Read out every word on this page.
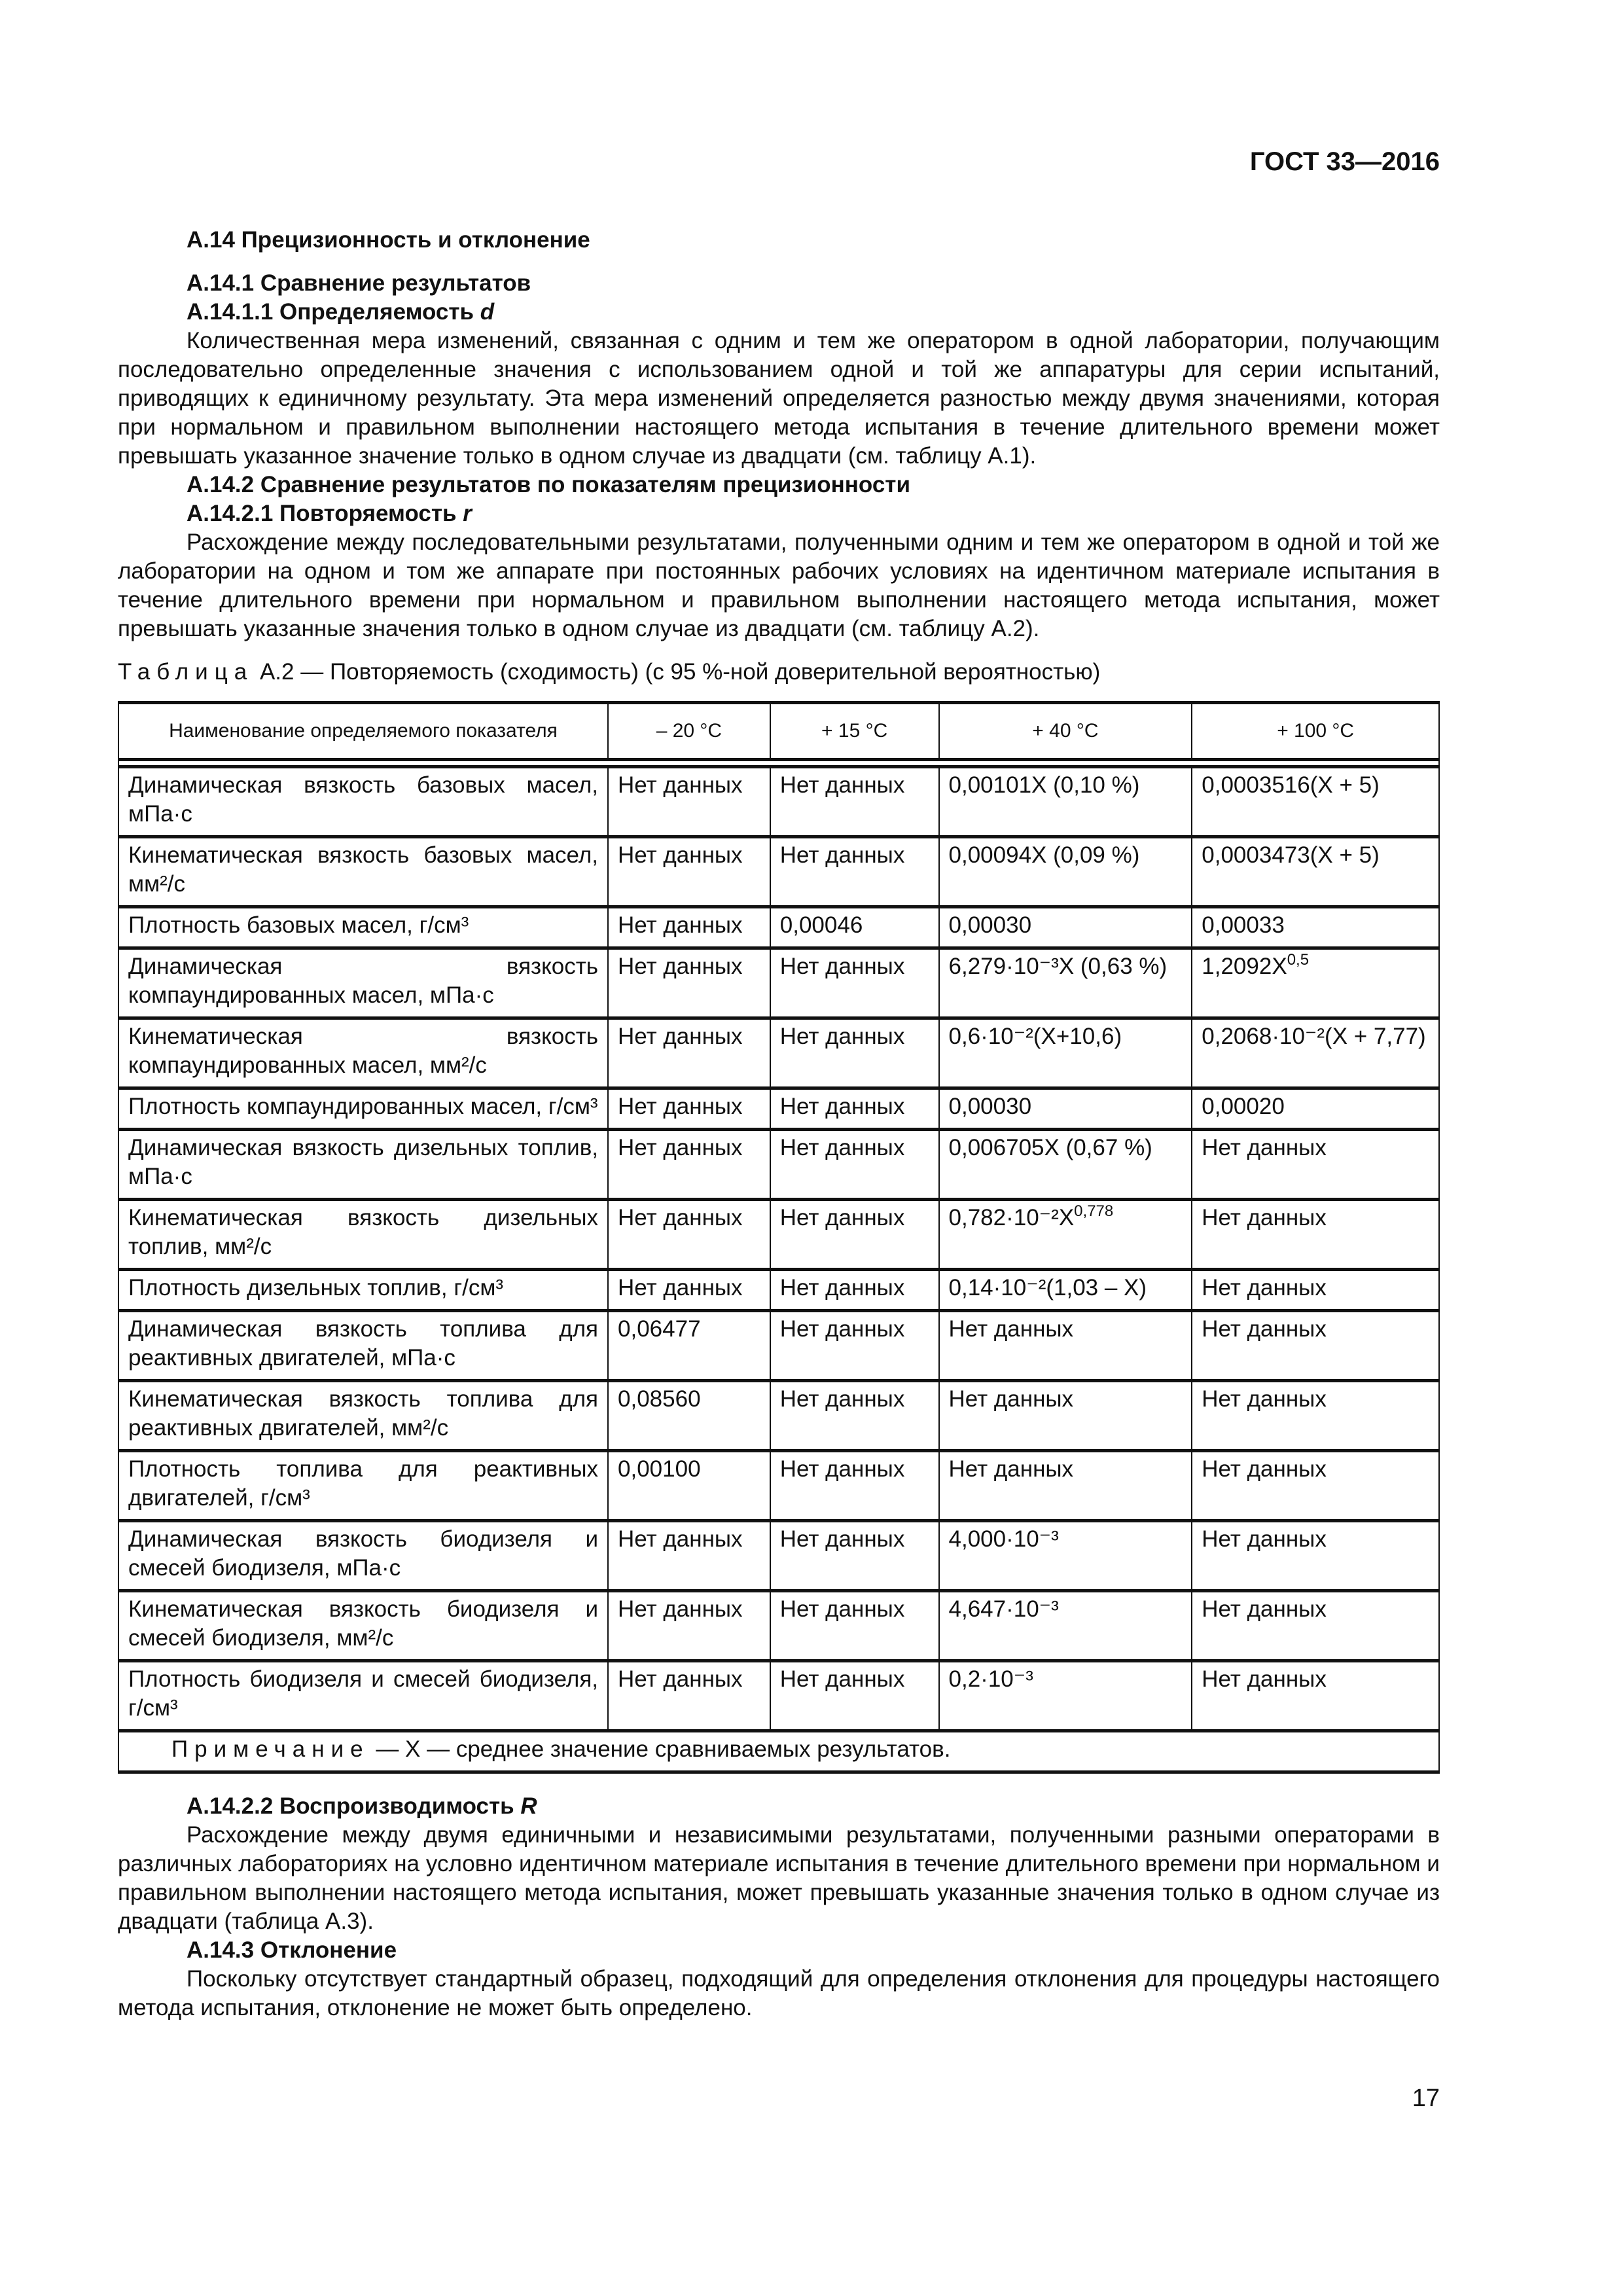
ГОСТ 33—2016
А.14 Прецизионность и отклонение
А.14.1 Сравнение результатов
А.14.1.1 Определяемость d
Количественная мера изменений, связанная с одним и тем же оператором в одной лаборатории, получающим последовательно определенные значения с использованием одной и той же аппаратуры для серии испытаний, приводящих к единичному результату. Эта мера изменений определяется разностью между двумя значениями, которая при нормальном и правильном выполнении настоящего метода испытания в течение длительного времени может превышать указанное значение только в одном случае из двадцати (см. таблицу А.1).
А.14.2 Сравнение результатов по показателям прецизионности
А.14.2.1 Повторяемость r
Расхождение между последовательными результатами, полученными одним и тем же оператором в одной и той же лаборатории на одном и том же аппарате при постоянных рабочих условиях на идентичном материале испытания в течение длительного времени при нормальном и правильном выполнении настоящего метода испытания, может превышать указанные значения только в одном случае из двадцати (см. таблицу А.2).
Таблица А.2 — Повторяемость (сходимость) (с 95 %-ной доверительной вероятностью)
Наименование определяемого показателя	– 20 °C	+ 15 °C	+ 40 °C	+ 100 °C

Динамическая вязкость базовых масел, мПа·с	Нет данных	Нет данных	0,00101X (0,10 %)	0,0003516(X + 5)
Кинематическая вязкость базовых масел, мм²/с	Нет данных	Нет данных	0,00094X (0,09 %)	0,0003473(X + 5)
Плотность базовых масел, г/см³	Нет данных	0,00046	0,00030	0,00033
Динамическая вязкость компаундированных масел, мПа·с	Нет данных	Нет данных	6,279·10⁻³X (0,63 %)	$1,2092X^{0,5}$
Кинематическая вязкость компаундированных масел, мм²/с	Нет данных	Нет данных	0,6·10⁻²(X+10,6)	0,2068·10⁻²(X + 7,77)
Плотность компаундированных масел, г/см³	Нет данных	Нет данных	0,00030	0,00020
Динамическая вязкость дизельных топлив, мПа·с	Нет данных	Нет данных	0,006705X (0,67 %)	Нет данных
Кинематическая вязкость дизельных топлив, мм²/с	Нет данных	Нет данных	$0,782\cdot 10^{-2}X^{0,778}$	Нет данных
Плотность дизельных топлив, г/см³	Нет данных	Нет данных	0,14·10⁻²(1,03 – X)	Нет данных
Динамическая вязкость топлива для реактивных двигателей, мПа·с	0,06477	Нет данных	Нет данных	Нет данных
Кинематическая вязкость топлива для реактивных двигателей, мм²/с	0,08560	Нет данных	Нет данных	Нет данных
Плотность топлива для реактивных двигателей, г/см³	0,00100	Нет данных	Нет данных	Нет данных
Динамическая вязкость биодизеля и смесей биодизеля, мПа·с	Нет данных	Нет данных	4,000·10⁻³	Нет данных
Кинематическая вязкость биодизеля и смесей биодизеля, мм²/с	Нет данных	Нет данных	4,647·10⁻³	Нет данных
Плотность биодизеля и смесей биодизеля, г/см³	Нет данных	Нет данных	0,2·10⁻³	Нет данных
Примечание — X — среднее значение сравниваемых результатов.				
А.14.2.2 Воспроизводимость R
Расхождение между двумя единичными и независимыми результатами, полученными разными операторами в различных лабораториях на условно идентичном материале испытания в течение длительного времени при нормальном и правильном выполнении настоящего метода испытания, может превышать указанные значения только в одном случае из двадцати (таблица А.3).
А.14.3 Отклонение
Поскольку отсутствует стандартный образец, подходящий для определения отклонения для процедуры настоящего метода испытания, отклонение не может быть определено.
17
